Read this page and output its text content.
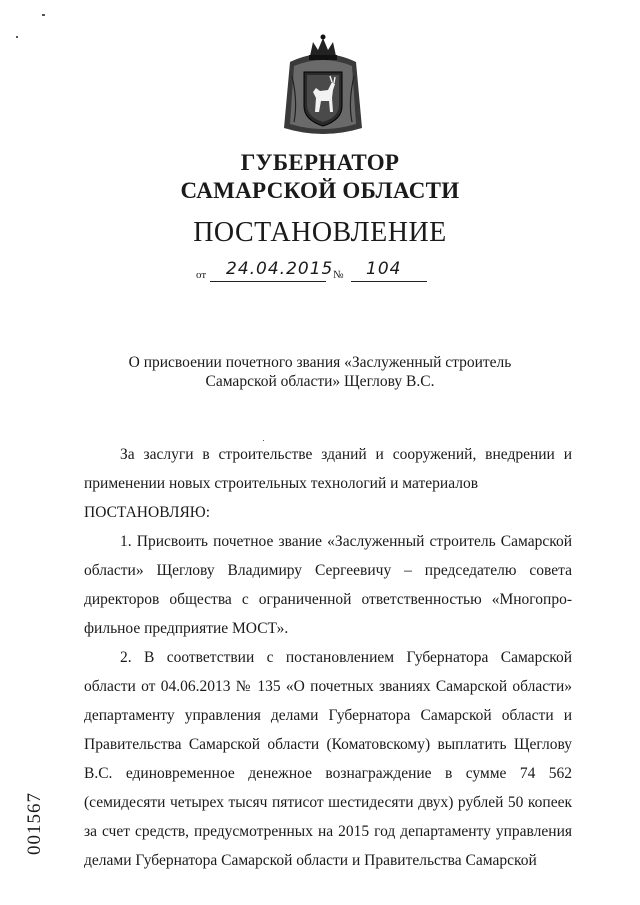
ГУБЕРНАТОР
САМАРСКОЙ ОБЛАСТИ
ПОСТАНОВЛЕНИЕ
от 24.04.2015 № 104
О присвоении почетного звания «Заслуженный строитель
Самарской области» Щеглову В.С.

За заслуги в строительстве зданий и сооружений, внедрении и применении новых строительных технологий и материалов

ПОСТАНОВЛЯЮ:

1. Присвоить почетное звание «Заслуженный строитель Самарской области» Щеглову Владимиру Сергеевичу – председателю совета директоров общества с ограниченной ответственностью «Многопро-фильное предприятие МОСТ».

2. В соответствии с постановлением Губернатора Самарской области от 04.06.2013 № 135 «О почетных званиях Самарской области» департаменту управления делами Губернатора Самарской области и Правительства Самарской области (Коматовскому) выплатить Щеглову В.С. единовременное денежное вознаграждение в сумме 74 562 (семидесяти четырех тысяч пятисот шестидесяти двух) рублей 50 копеек за счет средств, предусмотренных на 2015 год департаменту управления делами Губернатора Самарской области и Правительства Самарской

001567
